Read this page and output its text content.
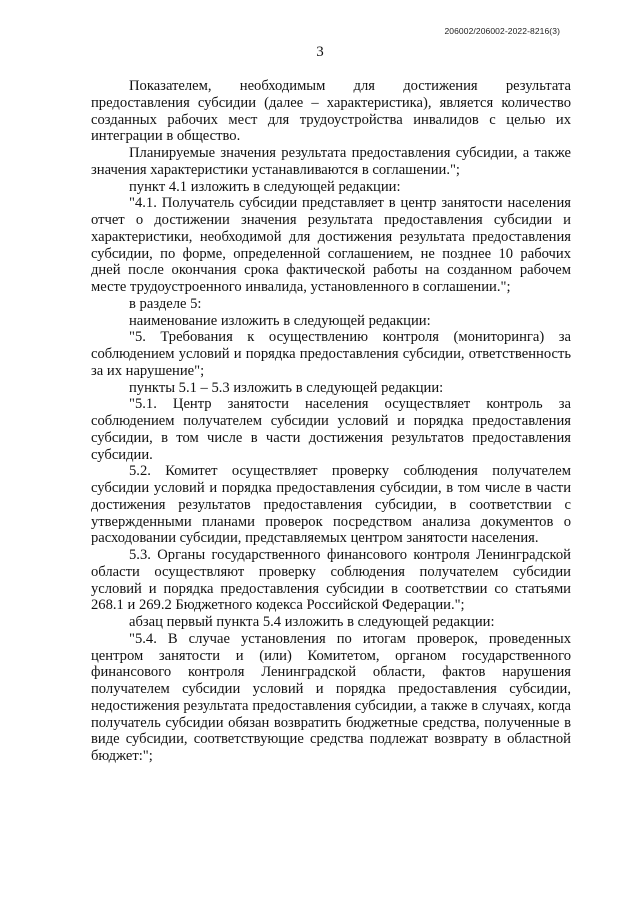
206002/206002-2022-8216(3)
3

Показателем, необходимым для достижения результата предоставления субсидии (далее – характеристика), является количество созданных рабочих мест для трудоустройства инвалидов с целью их интеграции в общество.

Планируемые значения результата предоставления субсидии, а также значения характеристики устанавливаются в соглашении.";

пункт 4.1 изложить в следующей редакции:

"4.1. Получатель субсидии представляет в центр занятости населения отчет о достижении значения результата предоставления субсидии и характеристики, необходимой для достижения результата предоставления субсидии, по форме, определенной соглашением, не позднее 10 рабочих дней после окончания срока фактической работы на созданном рабочем месте трудоустроенного инвалида, установленного в соглашении.";

в разделе 5:

наименование изложить в следующей редакции:

"5. Требования к осуществлению контроля (мониторинга) за соблюдением условий и порядка предоставления субсидии, ответственность за их нарушение";

пункты 5.1 – 5.3 изложить в следующей редакции:

"5.1. Центр занятости населения осуществляет контроль за соблюдением получателем субсидии условий и порядка предоставления субсидии, в том числе в части достижения результатов предоставления субсидии.

5.2. Комитет осуществляет проверку соблюдения получателем субсидии условий и порядка предоставления субсидии, в том числе в части достижения результатов предоставления субсидии, в соответствии с утвержденными планами проверок посредством анализа документов о расходовании субсидии, представляемых центром занятости населения.

5.3. Органы государственного финансового контроля Ленинградской области осуществляют проверку соблюдения получателем субсидии условий и порядка предоставления субсидии в соответствии со статьями 268.1 и 269.2 Бюджетного кодекса Российской Федерации.";

абзац первый пункта 5.4 изложить в следующей редакции:

"5.4. В случае установления по итогам проверок, проведенных центром занятости и (или) Комитетом, органом государственного финансового контроля Ленинградской области, фактов нарушения получателем субсидии условий и порядка предоставления субсидии, недостижения результата предоставления субсидии, а также в случаях, когда получатель субсидии обязан возвратить бюджетные средства, полученные в виде субсидии, соответствующие средства подлежат возврату в областной бюджет:";
